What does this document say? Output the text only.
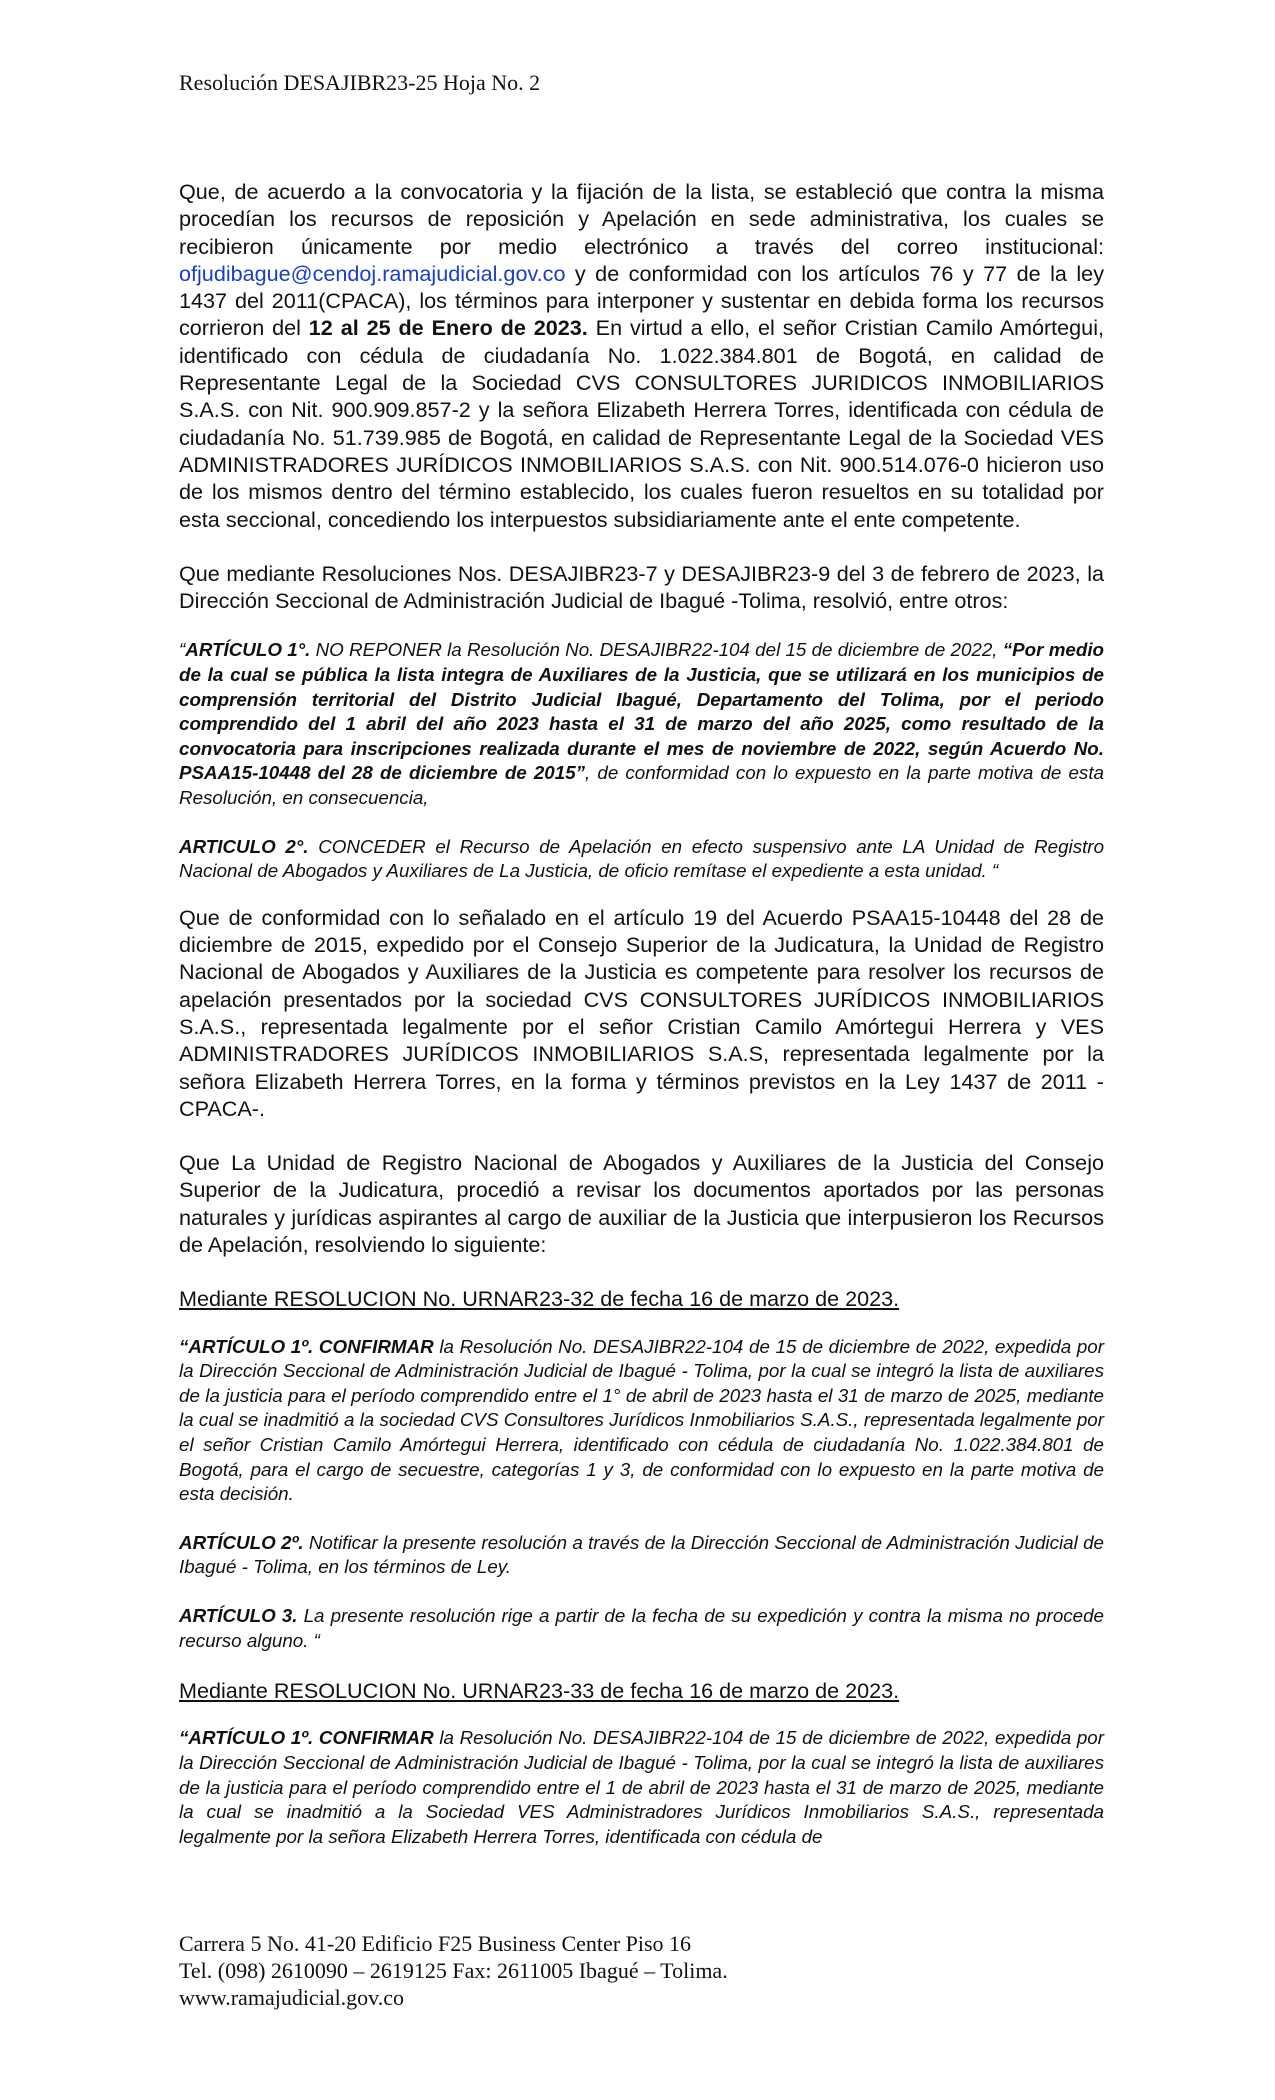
Resolución DESAJIBR23-25 Hoja No. 2

Que, de acuerdo a la convocatoria y la fijación de la lista, se estableció que contra la misma procedían los recursos de reposición y Apelación en sede administrativa, los cuales se recibieron únicamente por medio electrónico a través del correo institucional: ofjudibague@cendoj.ramajudicial.gov.co y de conformidad con los artículos 76 y 77 de la ley 1437 del 2011(CPACA), los términos para interponer y sustentar en debida forma los recursos corrieron del 12 al 25 de Enero de 2023. En virtud a ello, el señor Cristian Camilo Amórtegui, identificado con cédula de ciudadanía No. 1.022.384.801 de Bogotá, en calidad de Representante Legal de la Sociedad CVS CONSULTORES JURIDICOS INMOBILIARIOS S.A.S. con Nit. 900.909.857-2 y la señora Elizabeth Herrera Torres, identificada con cédula de ciudadanía No. 51.739.985 de Bogotá, en calidad de Representante Legal de la Sociedad VES ADMINISTRADORES JURÍDICOS INMOBILIARIOS S.A.S. con Nit. 900.514.076-0 hicieron uso de los mismos dentro del término establecido, los cuales fueron resueltos en su totalidad por esta seccional, concediendo los interpuestos subsidiariamente ante el ente competente.

Que mediante Resoluciones Nos. DESAJIBR23-7 y DESAJIBR23-9 del 3 de febrero de 2023, la Dirección Seccional de Administración Judicial de Ibagué -Tolima, resolvió, entre otros:

“ARTÍCULO 1°. NO REPONER la Resolución No. DESAJIBR22-104 del 15 de diciembre de 2022, “Por medio de la cual se pública la lista integra de Auxiliares de la Justicia, que se utilizará en los municipios de comprensión territorial del Distrito Judicial Ibagué, Departamento del Tolima, por el periodo comprendido del 1 abril del año 2023 hasta el 31 de marzo del año 2025, como resultado de la convocatoria para inscripciones realizada durante el mes de noviembre de 2022, según Acuerdo No. PSAA15-10448 del 28 de diciembre de 2015”, de conformidad con lo expuesto en la parte motiva de esta Resolución, en consecuencia,

ARTICULO 2°. CONCEDER el Recurso de Apelación en efecto suspensivo ante LA Unidad de Registro Nacional de Abogados y Auxiliares de La Justicia, de oficio remítase el expediente a esta unidad. “

Que de conformidad con lo señalado en el artículo 19 del Acuerdo PSAA15-10448 del 28 de diciembre de 2015, expedido por el Consejo Superior de la Judicatura, la Unidad de Registro Nacional de Abogados y Auxiliares de la Justicia es competente para resolver los recursos de apelación presentados por la sociedad CVS CONSULTORES JURÍDICOS INMOBILIARIOS S.A.S., representada legalmente por el señor Cristian Camilo Amórtegui Herrera y VES ADMINISTRADORES JURÍDICOS INMOBILIARIOS S.A.S, representada legalmente por la señora Elizabeth Herrera Torres, en la forma y términos previstos en la Ley 1437 de 2011 -CPACA-.

Que La Unidad de Registro Nacional de Abogados y Auxiliares de la Justicia del Consejo Superior de la Judicatura, procedió a revisar los documentos aportados por las personas naturales y jurídicas aspirantes al cargo de auxiliar de la Justicia que interpusieron los Recursos de Apelación, resolviendo lo siguiente:

Mediante RESOLUCION No. URNAR23-32 de fecha 16 de marzo de 2023.

“ARTÍCULO 1º. CONFIRMAR la Resolución No. DESAJIBR22-104 de 15 de diciembre de 2022, expedida por la Dirección Seccional de Administración Judicial de Ibagué - Tolima, por la cual se integró la lista de auxiliares de la justicia para el período comprendido entre el 1° de abril de 2023 hasta el 31 de marzo de 2025, mediante la cual se inadmitió a la sociedad CVS Consultores Jurídicos Inmobiliarios S.A.S., representada legalmente por el señor Cristian Camilo Amórtegui Herrera, identificado con cédula de ciudadanía No. 1.022.384.801 de Bogotá, para el cargo de secuestre, categorías 1 y 3, de conformidad con lo expuesto en la parte motiva de esta decisión.

ARTÍCULO 2º. Notificar la presente resolución a través de la Dirección Seccional de Administración Judicial de Ibagué - Tolima, en los términos de Ley.

ARTÍCULO 3. La presente resolución rige a partir de la fecha de su expedición y contra la misma no procede recurso alguno. “

Mediante RESOLUCION No. URNAR23-33 de fecha 16 de marzo de 2023.

“ARTÍCULO 1º. CONFIRMAR la Resolución No. DESAJIBR22-104 de 15 de diciembre de 2022, expedida por la Dirección Seccional de Administración Judicial de Ibagué - Tolima, por la cual se integró la lista de auxiliares de la justicia para el período comprendido entre el 1 de abril de 2023 hasta el 31 de marzo de 2025, mediante la cual se inadmitió a la Sociedad VES Administradores Jurídicos Inmobiliarios S.A.S., representada legalmente por la señora Elizabeth Herrera Torres, identificada con cédula de

Carrera 5 No. 41-20 Edificio F25 Business Center Piso 16
Tel. (098) 2610090 – 2619125 Fax: 2611005 Ibagué – Tolima.
www.ramajudicial.gov.co
